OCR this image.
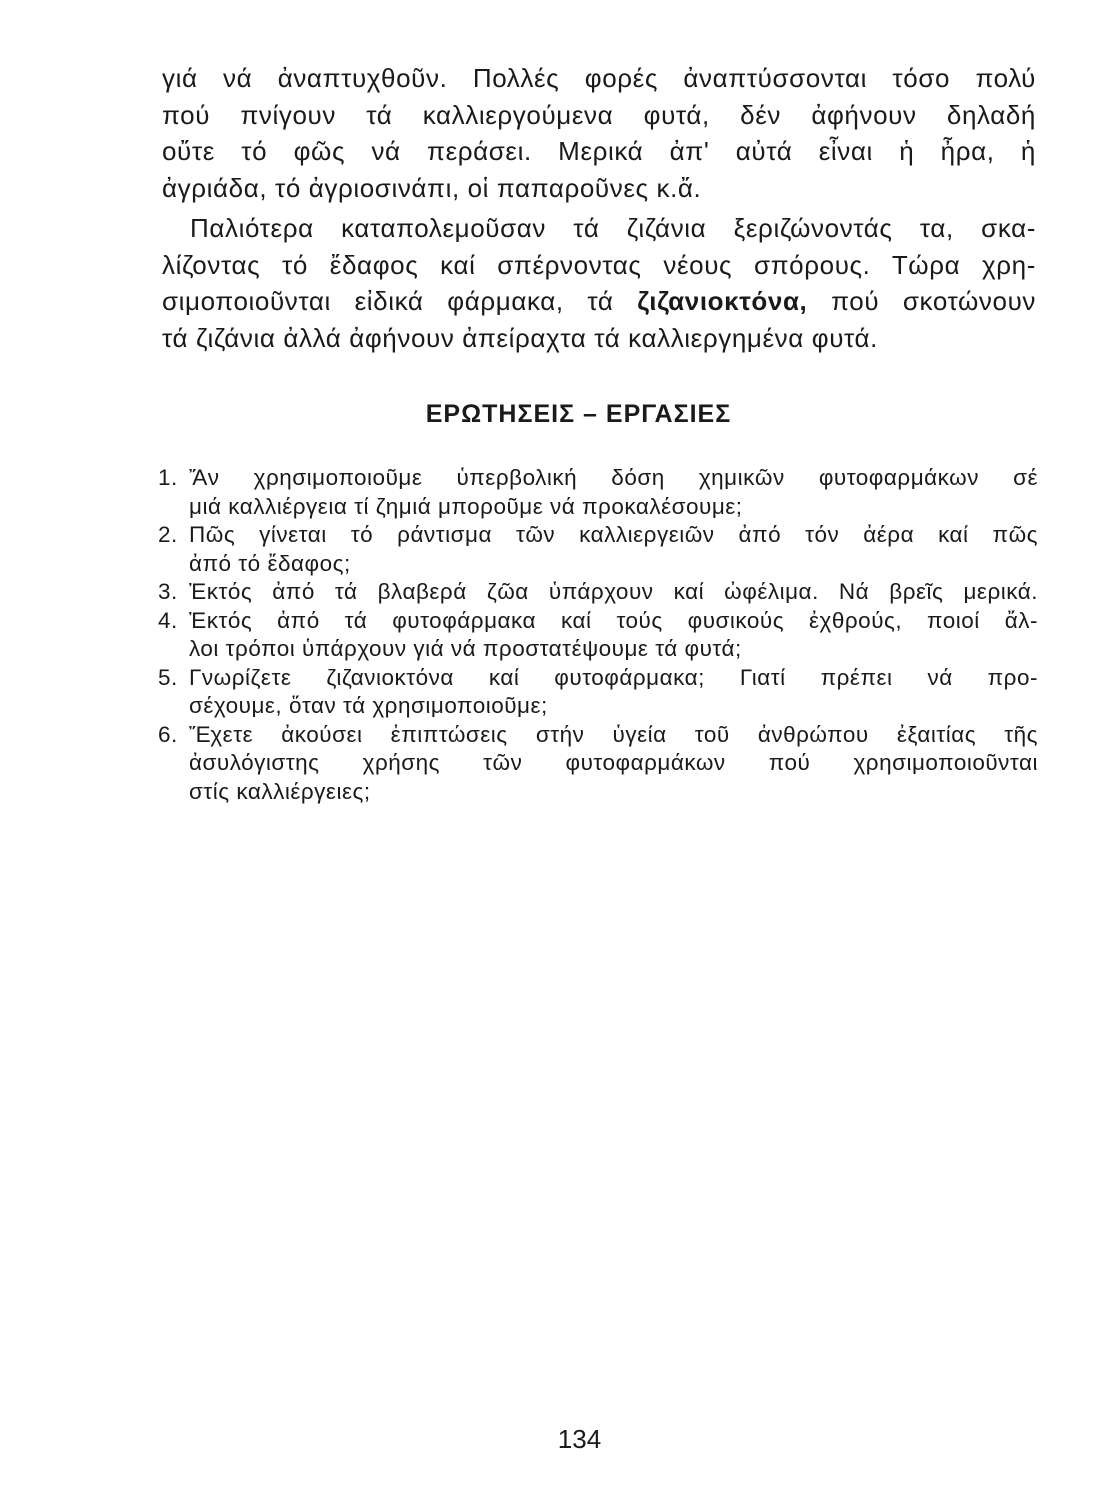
γιά νά ἀναπτυχθοῦν. Πολλές φορές ἀναπτύσσονται τόσο πολύ
πού πνίγουν τά καλλιεργούμενα φυτά, δέν ἀφήνουν δηλαδή
οὔτε τό φῶς νά περάσει. Μερικά ἀπ' αὐτά εἶναι ἡ ἦρα, ἡ
ἀγριάδα, τό ἀγριοσινάπι, οἱ παπαροῦνες κ.ἄ.
Παλιότερα καταπολεμοῦσαν τά ζιζάνια ξεριζώνοντάς τα, σκα-
λίζοντας τό ἔδαφος καί σπέρνοντας νέους σπόρους. Τώρα χρη-
σιμοποιοῦνται εἰδικά φάρμακα, τά ζιζανιοκτόνα, πού σκοτώνουν
τά ζιζάνια ἀλλά ἀφήνουν ἀπείραχτα τά καλλιεργημένα φυτά.
ΕΡΩΤΗΣΕΙΣ – ΕΡΓΑΣΙΕΣ
1. Ἄν χρησιμοποιοῦμε ὑπερβολική δόση χημικῶν φυτοφαρμάκων σέ
μιά καλλιέργεια τί ζημιά μποροῦμε νά προκαλέσουμε;
2. Πῶς γίνεται τό ράντισμα τῶν καλλιεργειῶν ἀπό τόν ἀέρα καί πῶς
ἀπό τό ἔδαφος;
3. Ἐκτός ἀπό τά βλαβερά ζῶα ὑπάρχουν καί ὠφέλιμα. Νά βρεῖς μερικά.
4. Ἐκτός ἀπό τά φυτοφάρμακα καί τούς φυσικούς ἐχθρούς, ποιοί ἄλ-
λοι τρόποι ὑπάρχουν γιά νά προστατέψουμε τά φυτά;
5. Γνωρίζετε ζιζανιοκτόνα καί φυτοφάρμακα; Γιατί πρέπει νά προ-
σέχουμε, ὅταν τά χρησιμοποιοῦμε;
6. Ἔχετε ἀκούσει ἐπιπτώσεις στήν ὑγεία τοῦ ἀνθρώπου ἐξαιτίας τῆς
ἀσυλόγιστης χρήσης τῶν φυτοφαρμάκων πού χρησιμοποιοῦνται
στίς καλλιέργειες;
134
